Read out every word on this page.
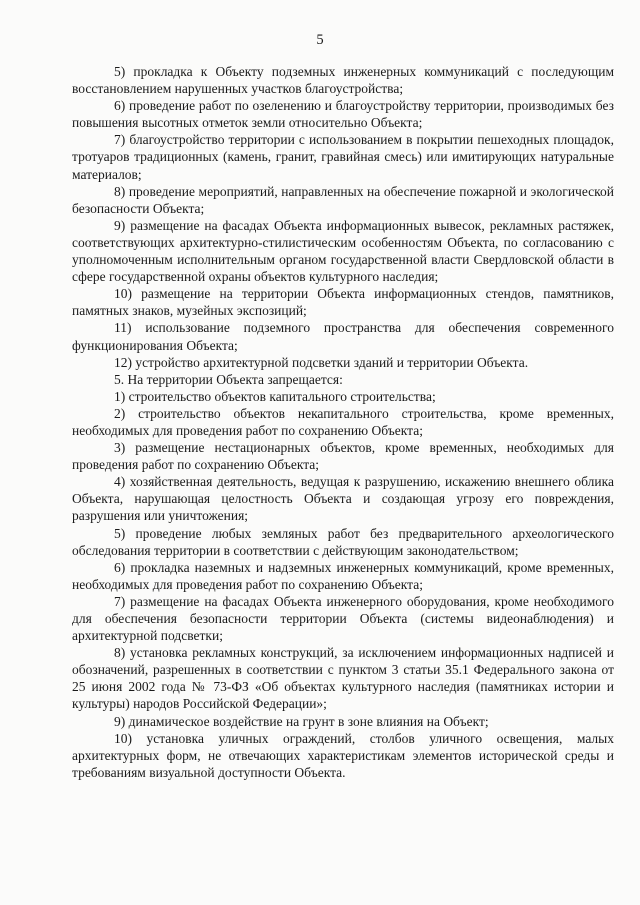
5

5) прокладка к Объекту подземных инженерных коммуникаций с последующим восстановлением нарушенных участков благоустройства;

6) проведение работ по озеленению и благоустройству территории, производимых без повышения высотных отметок земли относительно Объекта;

7) благоустройство территории с использованием в покрытии пешеходных площадок, тротуаров традиционных (камень, гранит, гравийная смесь) или имитирующих натуральные материалов;

8) проведение мероприятий, направленных на обеспечение пожарной и экологической безопасности Объекта;

9) размещение на фасадах Объекта информационных вывесок, рекламных растяжек, соответствующих архитектурно-стилистическим особенностям Объекта, по согласованию с уполномоченным исполнительным органом государственной власти Свердловской области в сфере государственной охраны объектов культурного наследия;

10) размещение на территории Объекта информационных стендов, памятников, памятных знаков, музейных экспозиций;

11) использование подземного пространства для обеспечения современного функционирования Объекта;

12) устройство архитектурной подсветки зданий и территории Объекта.

5. На территории Объекта запрещается:

1) строительство объектов капитального строительства;

2) строительство объектов некапитального строительства, кроме временных, необходимых для проведения работ по сохранению Объекта;

3) размещение нестационарных объектов, кроме временных, необходимых для проведения работ по сохранению Объекта;

4) хозяйственная деятельность, ведущая к разрушению, искажению внешнего облика Объекта, нарушающая целостность Объекта и создающая угрозу его повреждения, разрушения или уничтожения;

5) проведение любых земляных работ без предварительного археологического обследования территории в соответствии с действующим законодательством;

6) прокладка наземных и надземных инженерных коммуникаций, кроме временных, необходимых для проведения работ по сохранению Объекта;

7) размещение на фасадах Объекта инженерного оборудования, кроме необходимого для обеспечения безопасности территории Объекта (системы видеонаблюдения) и архитектурной подсветки;

8) установка рекламных конструкций, за исключением информационных надписей и обозначений, разрешенных в соответствии с пунктом 3 статьи 35.1 Федерального закона от 25 июня 2002 года № 73-ФЗ «Об объектах культурного наследия (памятниках истории и культуры) народов Российской Федерации»;

9) динамическое воздействие на грунт в зоне влияния на Объект;

10) установка уличных ограждений, столбов уличного освещения, малых архитектурных форм, не отвечающих характеристикам элементов исторической среды и требованиям визуальной доступности Объекта.
